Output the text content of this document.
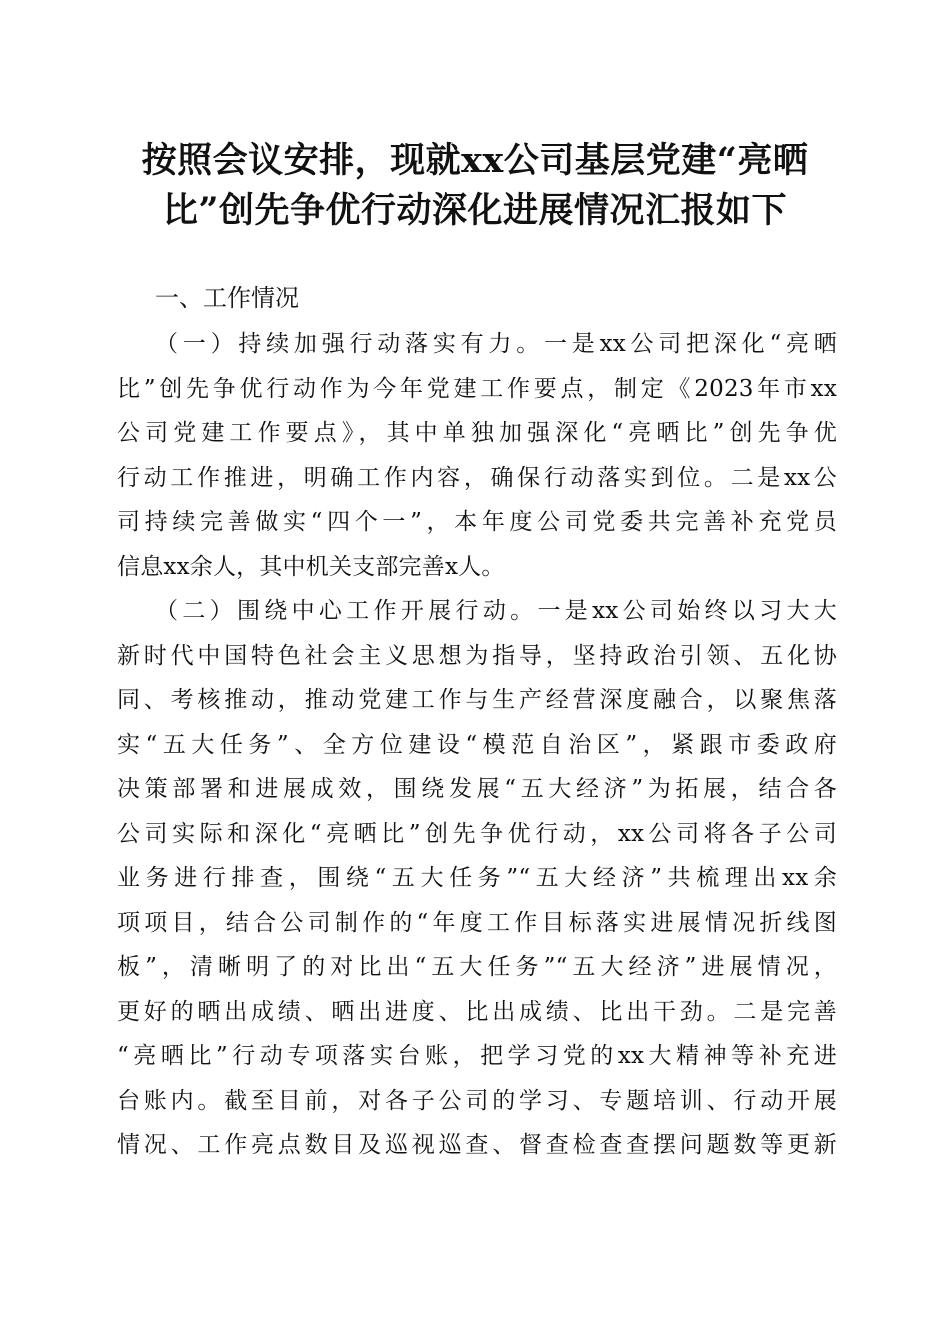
按照会议安排，现就xx公司基层党建“亮晒
比”创先争优行动深化进展情况汇报如下
一、工作情况
（一）持续加强行动落实有力。一是xx公司把深化“亮晒
比”创先争优行动作为今年党建工作要点，制定《2023年市xx
公司党建工作要点》，其中单独加强深化“亮晒比”创先争优
行动工作推进，明确工作内容，确保行动落实到位。二是xx公
司持续完善做实“四个一”，本年度公司党委共完善补充党员
信息xx余人，其中机关支部完善x人。
（二）围绕中心工作开展行动。一是xx公司始终以习大大
新时代中国特色社会主义思想为指导，坚持政治引领、五化协
同、考核推动，推动党建工作与生产经营深度融合，以聚焦落
实“五大任务”、全方位建设“模范自治区”，紧跟市委政府
决策部署和进展成效，围绕发展“五大经济”为拓展，结合各
公司实际和深化“亮晒比”创先争优行动，xx公司将各子公司
业务进行排查，围绕“五大任务”“五大经济”共梳理出xx余
项项目，结合公司制作的“年度工作目标落实进展情况折线图
板”，清晰明了的对比出“五大任务”“五大经济”进展情况，
更好的晒出成绩、晒出进度、比出成绩、比出干劲。二是完善
“亮晒比”行动专项落实台账，把学习党的xx大精神等补充进
台账内。截至目前，对各子公司的学习、专题培训、行动开展
情况、工作亮点数目及巡视巡查、督查检查查摆问题数等更新
